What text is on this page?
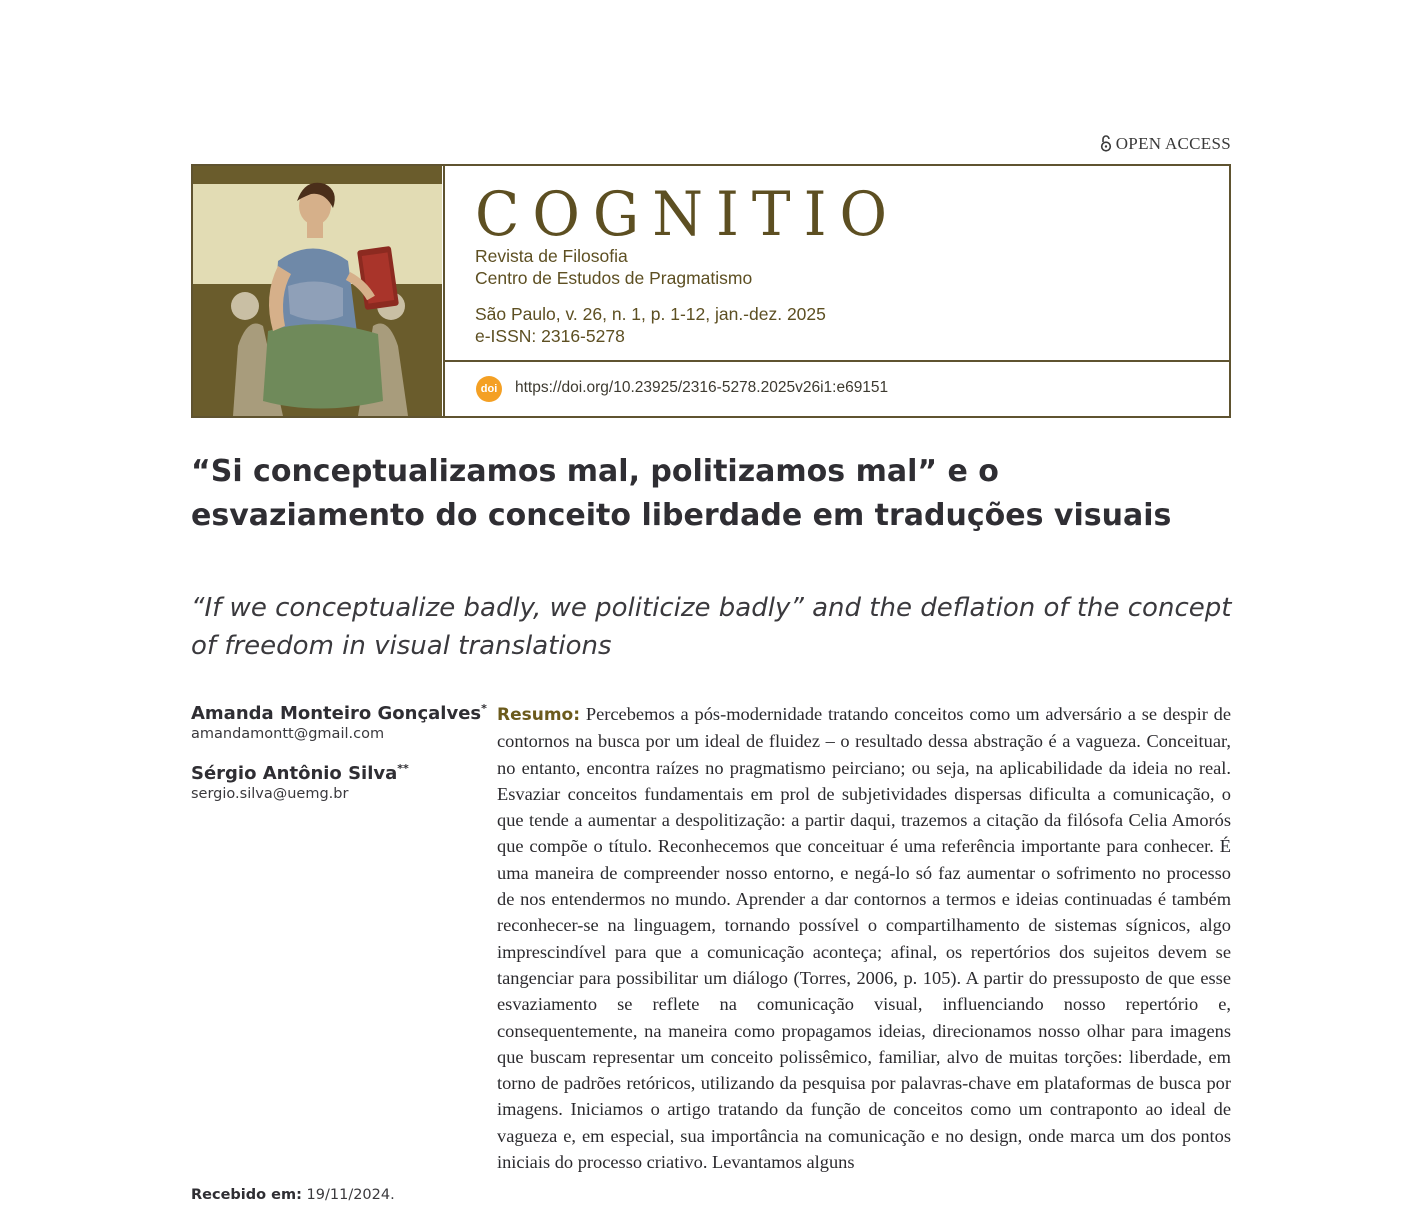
OPEN ACCESS
COGNITIO
Revista de Filosofia
Centro de Estudos de Pragmatismo
São Paulo, v. 26, n. 1, p. 1-12, jan.-dez. 2025
e-ISSN: 2316-5278
doi	https://doi.org/10.23925/2316-5278.2025v26i1:e69151
“Si conceptualizamos mal, politizamos mal” e o esvaziamento do conceito liberdade em traduções visuais
“If we conceptualize badly, we politicize badly” and the deflation of the concept of freedom in visual translations
Amanda Monteiro Gonçalves*
amandamontt@gmail.com
Sérgio Antônio Silva**
sergio.silva@uemg.br
Recebido em: 19/11/2024.

Resumo: Percebemos a pós-modernidade tratando conceitos como um adversário a se despir de contornos na busca por um ideal de fluidez – o resultado dessa abstração é a vagueza. Conceituar, no entanto, encontra raízes no pragmatismo peirciano; ou seja, na aplicabilidade da ideia no real. Esvaziar conceitos fundamentais em prol de subjetividades dispersas dificulta a comunicação, o que tende a aumentar a despolitização: a partir daqui, trazemos a citação da filósofa Celia Amorós que compõe o título. Reconhecemos que conceituar é uma referência importante para conhecer. É uma maneira de compreender nosso entorno, e negá-lo só faz aumentar o sofrimento no processo de nos entendermos no mundo. Aprender a dar contornos a termos e ideias continuadas é também reconhecer-se na linguagem, tornando possível o compartilhamento de sistemas sígnicos, algo imprescindível para que a comunicação aconteça; afinal, os repertórios dos sujeitos devem se tangenciar para possibilitar um diálogo (Torres, 2006, p. 105). A partir do pressuposto de que esse esvaziamento se reflete na comunicação visual, influenciando nosso repertório e, consequentemente, na maneira como propagamos ideias, direcionamos nosso olhar para imagens que buscam representar um conceito polissêmico, familiar, alvo de muitas torções: liberdade, em torno de padrões retóricos, utilizando da pesquisa por palavras-chave em plataformas de busca por imagens. Iniciamos o artigo tratando da função de conceitos como um contraponto ao ideal de vagueza e, em especial, sua importância na comunicação e no design, onde marca um dos pontos iniciais do processo criativo. Levantamos alguns
